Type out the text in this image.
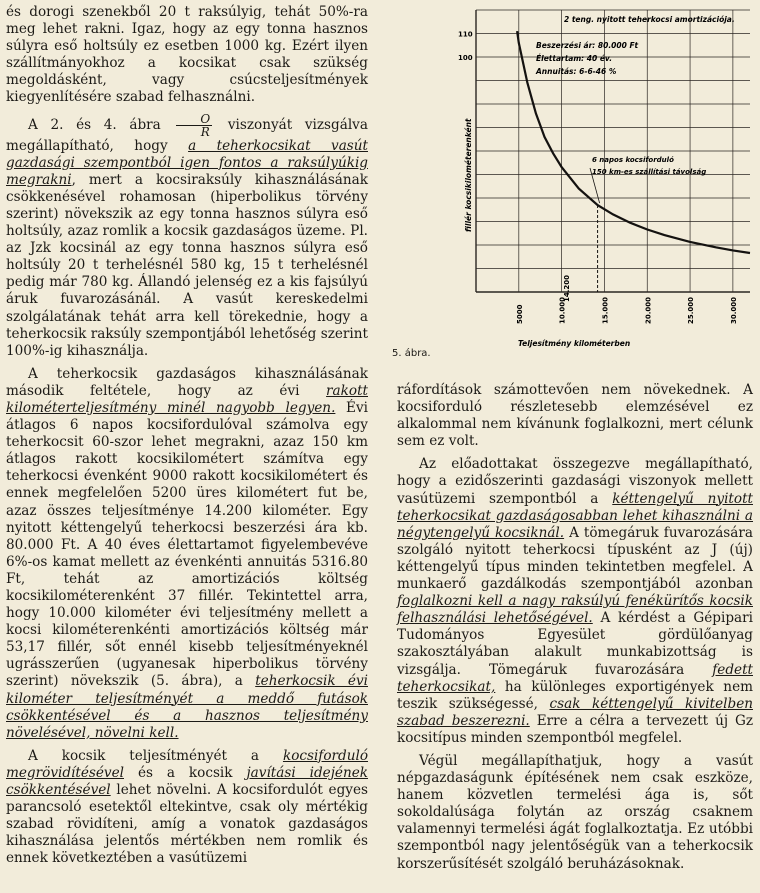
és dorogi szenekből 20 t raksúlyig, tehát 50%-ra meg lehet rakni. Igaz, hogy az egy tonna hasznos súlyra eső holtsúly ez esetben 1000 kg. Ezért ilyen szállítmányokhoz a kocsikat csak szükség megoldásként, vagy csúcsteljesítmények kiegyenlítésére szabad felhasználni.

A 2. és 4. ábra $\frac{O}{R}$ viszonyát vizsgálva megállapítható, hogy a teherkocsikat vasút gazdasági szempontból igen fontos a raksúlyúkig megrakni, mert a kocsiraksúly kihasználásának csökkenésével rohamosan (hiperbolikus törvény szerint) növekszik az egy tonna hasznos súlyra eső holtsúly, azaz romlik a kocsik gazdaságos üzeme. Pl. az Jzk kocsinál az egy tonna hasznos súlyra eső holtsúly 20 t terhelésnél 580 kg, 15 t terhelésnél pedig már 780 kg. Állandó jelenség ez a kis fajsúlyú áruk fuvarozásánál. A vasút kereskedelmi szolgálatának tehát arra kell törekednie, hogy a teherkocsik raksúly szempontjából lehetőség szerint 100%-ig kihasználja.

A teherkocsik gazdaságos kihasználásának második feltétele, hogy az évi rakott kilométerteljesítmény minél nagyobb legyen. Évi átlagos 6 napos kocsifordulóval számolva egy teherkocsit 60-szor lehet megrakni, azaz 150 km átlagos rakott kocsikilométert számítva egy teherkocsi évenként 9000 rakott kocsikilométert és ennek megfelelően 5200 üres kilométert fut be, azaz összes teljesítménye 14.200 kilométer. Egy nyitott kéttengelyű teherkocsi beszerzési ára kb. 80.000 Ft. A 40 éves élettartamot figyelembevéve 6%-os kamat mellett az évenkénti annuitás 5316.80 Ft, tehát az amortizációs költség kocsikilométerenként 37 fillér. Tekintettel arra, hogy 10.000 kilométer évi teljesítmény mellett a kocsi kilométerenkénti amortizációs költség már 53,17 fillér, sőt ennél kisebb teljesítményeknél ugrásszerűen (ugyanesak hiperbolikus törvény szerint) növekszik (5. ábra), a teherkocsik évi kilométer teljesítményét a meddő futások csökkentésével és a hasznos teljesítmény növelésével, növelni kell.

A kocsik teljesítményét a kocsiforduló megrövidítésével és a kocsik javítási idejének csökkentésével lehet növelni. A kocsifordulót egyes parancsoló esetektől eltekintve, csak oly mértékig szabad rövidíteni, amíg a vonatok gazdaságos kihasználása jelentős mértékben nem romlik és ennek következtében a vasútüzemi

5000	10.000	15.000	20.000	25.000	30.000
110
100
2 teng. nyitott teherkocsi amortizációja.
Beszerzési ár: 80.000 Ft
Élettartam: 40 év.
Annuitás: 6-6-46 %
6 napos kocsiforduló
150 km-es szállítási távolság
fillér kocsikilométerenként
Teljesítmény kilométerben
14.200
5. ábra.

ráfordítások számottevően nem növekednek. A kocsiforduló részletesebb elemzésével ez alkalommal nem kívánunk foglalkozni, mert célunk sem ez volt.

Az előadottakat összegezve megállapítható, hogy a ezidőszerinti gazdasági viszonyok mellett vasútüzemi szempontból a kéttengelyű nyitott teherkocsikat gazdaságosabban lehet kihasználni a négytengelyű kocsiknál. A tömegáruk fuvarozására szolgáló nyitott teherkocsi típusként az J (új) kéttengelyű típus minden tekintetben megfelel. A munkaerő gazdálkodás szempontjából azonban foglalkozni kell a nagy raksúlyú fenékürítős kocsik felhasználási lehetőségével. A kérdést a Gépipari Tudományos Egyesület gördülőanyag szakosztályában alakult munkabizottság is vizsgálja. Tömegáruk fuvarozására fedett teherkocsikat, ha különleges exportigények nem teszik szükségessé, csak kéttengelyű kivitelben szabad beszerezni. Erre a célra a tervezett új Gz kocsitípus minden szempontból megfelel.

Végül megállapíthatjuk, hogy a vasút népgazdaságunk építésének nem csak eszköze, hanem közvetlen termelési ága is, sőt sokoldalúsága folytán az ország csaknem valamennyi termelési ágát foglalkoztatja. Ez utóbbi szempontból nagy jelentőségük van a teherkocsik korszerűsítését szolgáló beruházásoknak.
